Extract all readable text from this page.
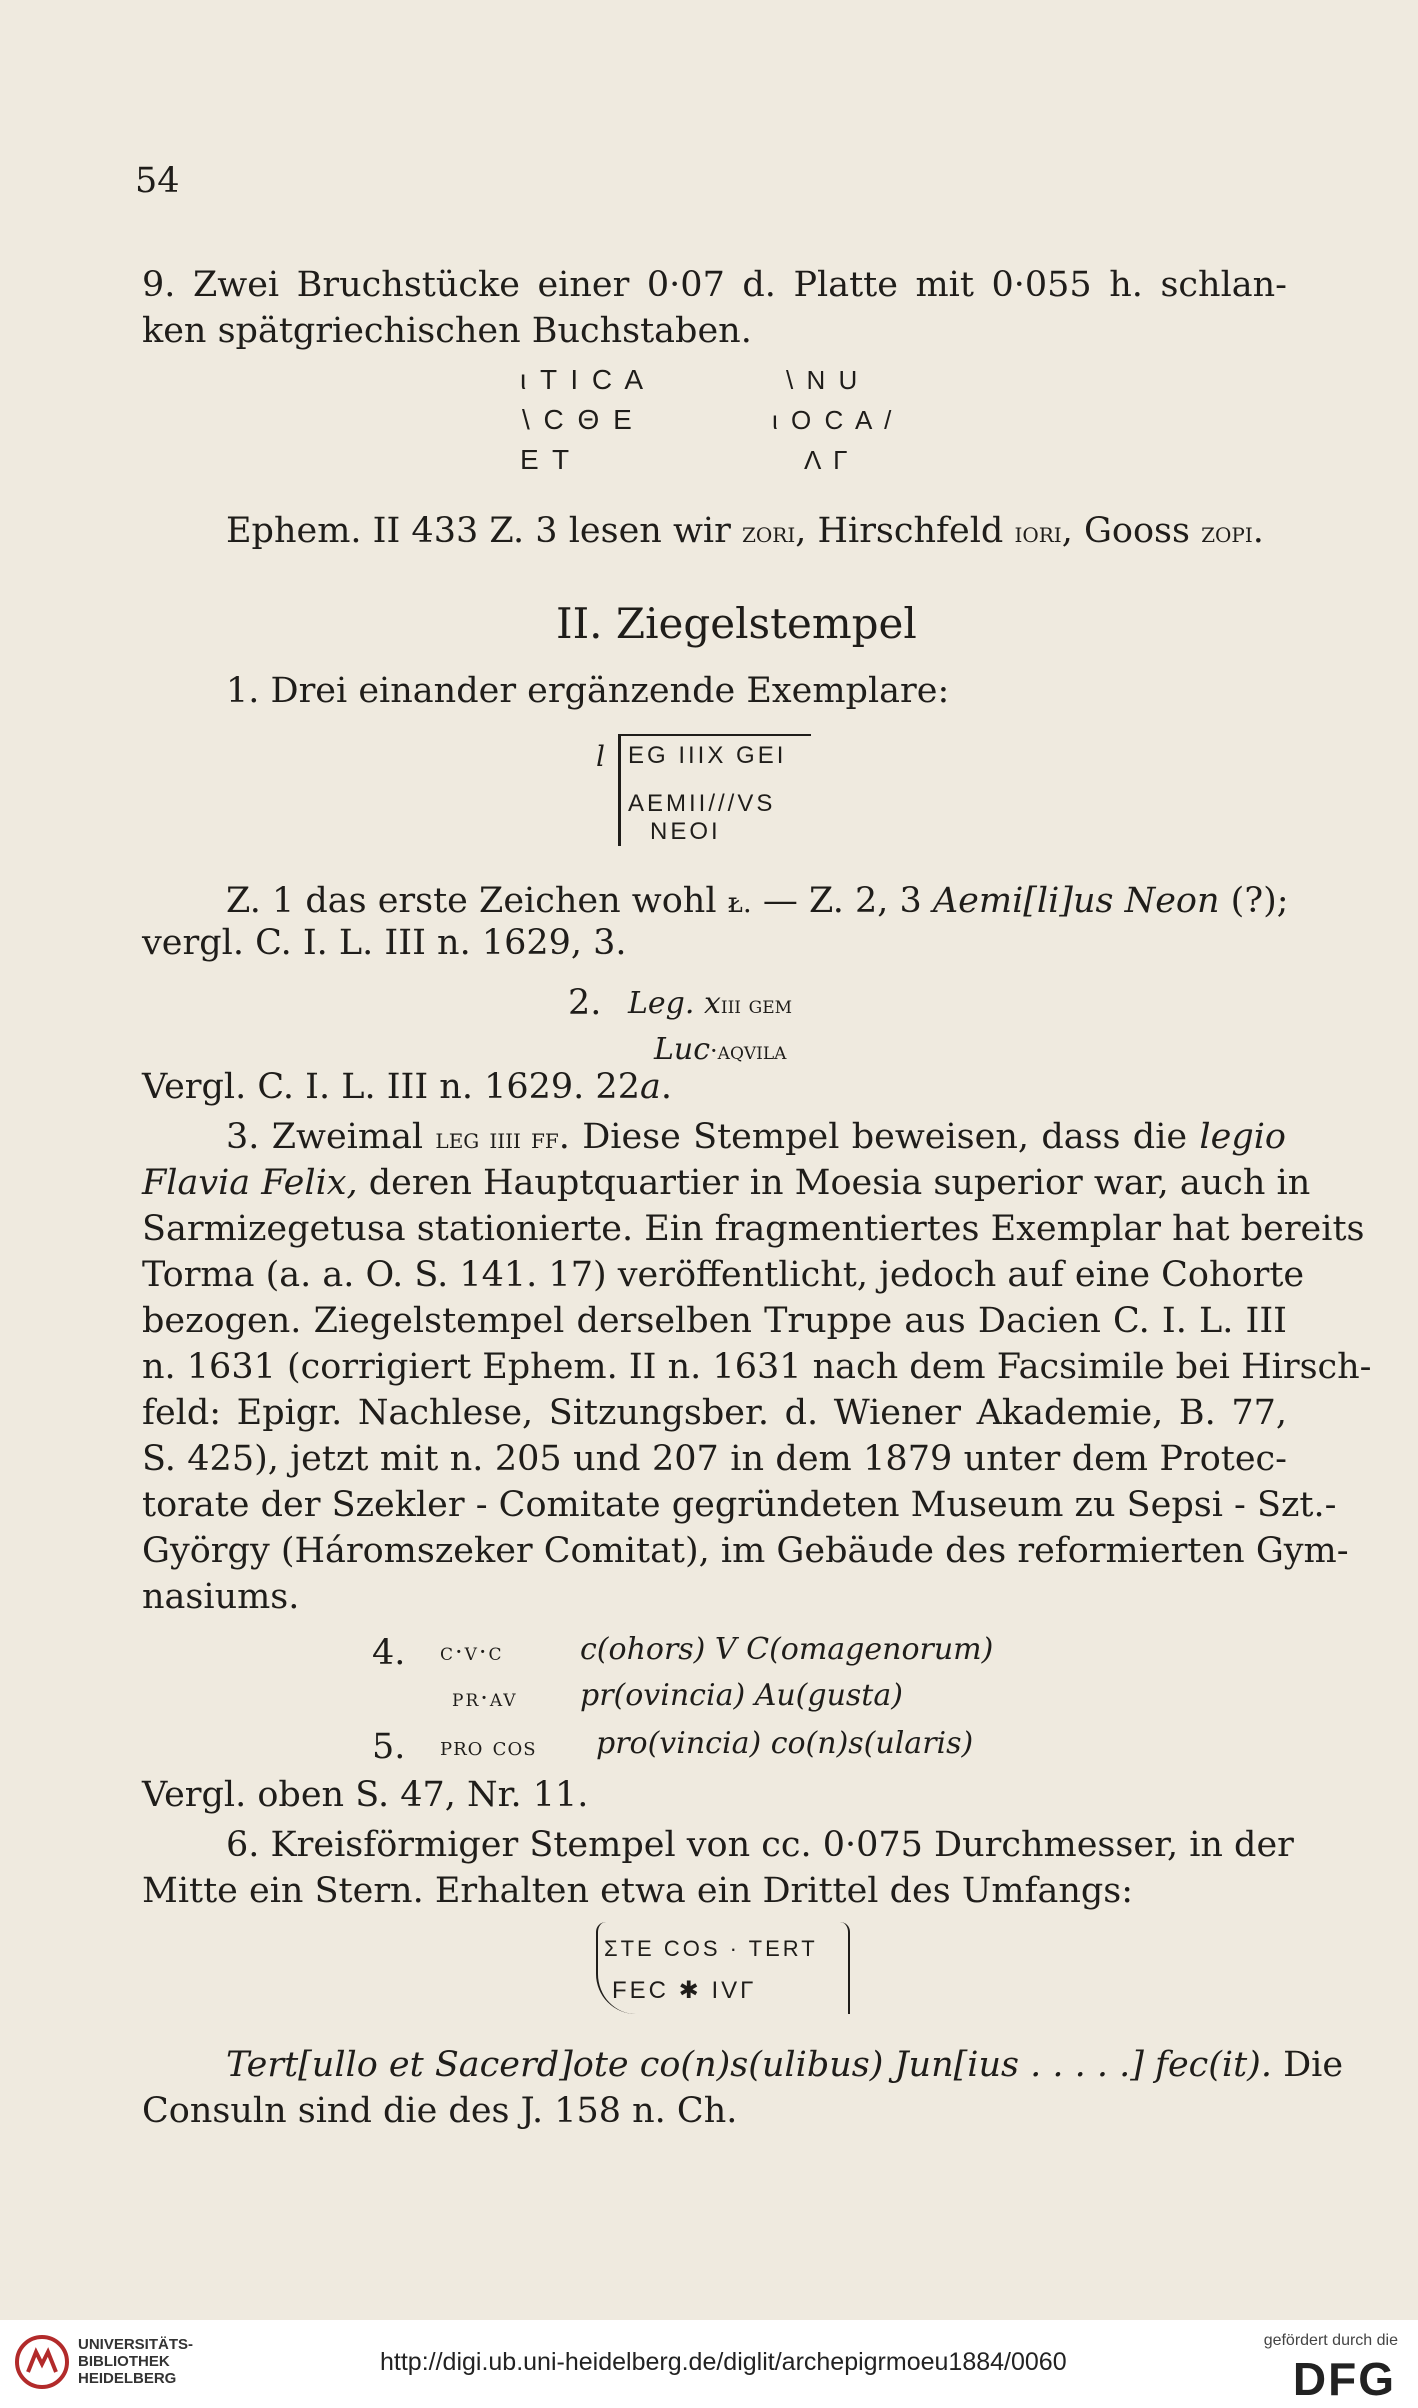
54
9. Zwei Bruchstücke einer 0·07 d. Platte mit 0·055 h. schlan-
ken spätgriechischen Buchstaben.
ι T I C A
\ C Θ E
E T
\ N U
ι O C A /
Λ Γ
Ephem. II 433 Z. 3 lesen wir zori, Hirschfeld ιori, Gooss zoρι.
II. Ziegelstempel
1. Drei einander ergänzende Exemplare:
l EG IIIX GEI
AEMII///VS
NEOI
Z. 1 das erste Zeichen wohl ᴌ. — Z. 2, 3 Aemi[li]us Neon (?);
vergl. C. I. L. III n. 1629, 3.
2. Leg. xiii gem
Luc·aqvila
Vergl. C. I. L. III n. 1629. 22a.
3. Zweimal leg iiii ff. Diese Stempel beweisen, dass die legio
Flavia Felix, deren Hauptquartier in Moesia superior war, auch in
Sarmizegetusa stationierte. Ein fragmentiertes Exemplar hat bereits
Torma (a. a. O. S. 141. 17) veröffentlicht, jedoch auf eine Cohorte
bezogen. Ziegelstempel derselben Truppe aus Dacien C. I. L. III
n. 1631 (corrigiert Ephem. II n. 1631 nach dem Facsimile bei Hirsch-
feld: Epigr. Nachlese, Sitzungsber. d. Wiener Akademie, B. 77,
S. 425), jetzt mit n. 205 und 207 in dem 1879 unter dem Protec-
torate der Szekler - Comitate gegründeten Museum zu Sepsi - Szt.-
György (Háromszeker Comitat), im Gebäude des reformierten Gym-
nasiums.
4. c·v·c	c(ohors) V C(omagenorum)
pr·av pr(ovincia) Au(gusta)
5. pro cos pro(vincia) co(n)s(ularis)
Vergl. oben S. 47, Nr. 11.
6. Kreisförmiger Stempel von cc. 0·075 Durchmesser, in der
Mitte ein Stern. Erhalten etwa ein Drittel des Umfangs:
ΣTE COS · TERT
FEC ✱ IVΓ
Tert[ullo et Sacerd]ote co(n)s(ulibus) Jun[ius . . . . .] fec(it). Die
Consuln sind die des J. 158 n. Ch.
UNIVERSITÄTS-
BIBLIOTHEK
HEIDELBERG
http://digi.ub.uni-heidelberg.de/diglit/archepigrmoeu1884/0060
gefördert durch die
DFG
